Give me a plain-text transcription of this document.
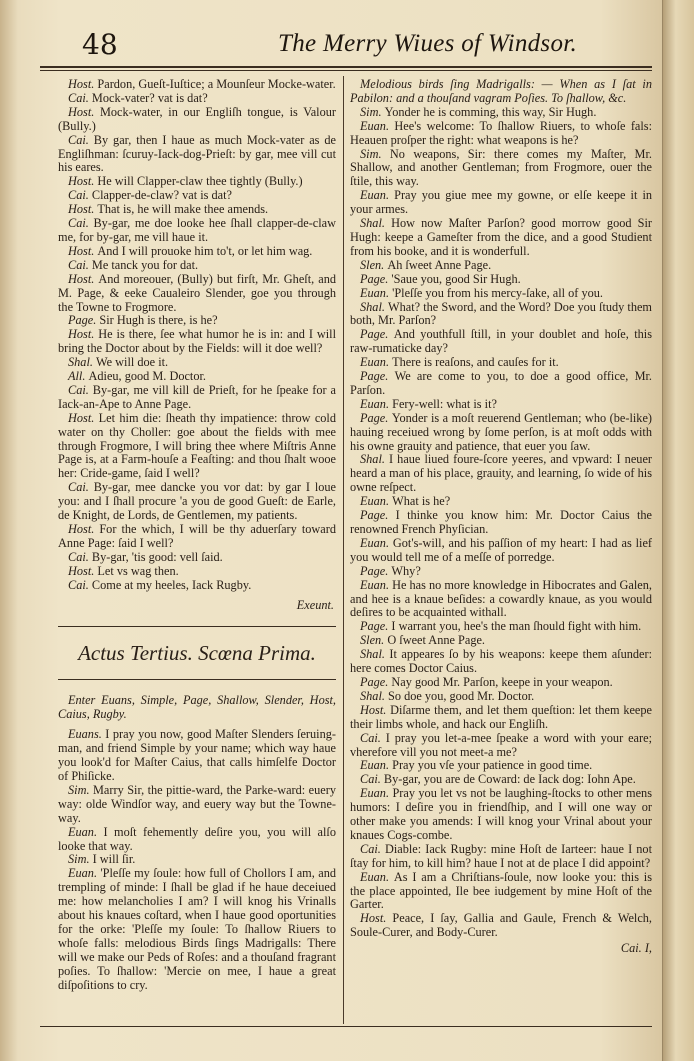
48	The Merry Wiues of Windsor.

Host. Pardon, Gueſt-Iuſtice; a Mounſeur Mocke-water.

Cai. Mock-vater? vat is dat?

Host. Mock-water, in our Engliſh tongue, is Valour (Bully.)

Cai. By gar, then I haue as much Mock-vater as de Engliſhman: ſcuruy-Iack-dog-Prieſt: by gar, mee vill cut his eares.

Host. He will Clapper-claw thee tightly (Bully.)

Cai. Clapper-de-claw? vat is dat?

Host. That is, he will make thee amends.

Cai. By-gar, me doe looke hee ſhall clapper-de-claw me, for by-gar, me vill haue it.

Host. And I will prouoke him to't, or let him wag.

Cai. Me tanck you for dat.

Host. And moreouer, (Bully) but firſt, Mr. Gheſt, and M. Page, & eeke Caualeiro Slender, goe you through the Towne to Frogmore.

Page. Sir Hugh is there, is he?

Host. He is there, ſee what humor he is in: and I will bring the Doctor about by the Fields: will it doe well?

Shal. We will doe it.

All. Adieu, good M. Doctor.

Cai. By-gar, me vill kill de Prieſt, for he ſpeake for a Iack-an-Ape to Anne Page.

Host. Let him die: ſheath thy impatience: throw cold water on thy Choller: goe about the fields with mee through Frogmore, I will bring thee where Miſtris Anne Page is, at a Farm-houſe a Feaſting: and thou ſhalt wooe her: Cride-game, ſaid I well?

Cai. By-gar, mee dancke you vor dat: by gar I loue you: and I ſhall procure 'a you de good Gueſt: de Earle, de Knight, de Lords, de Gentlemen, my patients.

Host. For the which, I will be thy aduerſary toward Anne Page: ſaid I well?

Cai. By-gar, 'tis good: vell ſaid.

Host. Let vs wag then.

Cai. Come at my heeles, Iack Rugby.

Exeunt.

Actus Tertius. Scœna Prima.

Enter Euans, Simple, Page, Shallow, Slender, Host, Caius, Rugby.

Euans. I pray you now, good Maſter Slenders ſeruing-man, and friend Simple by your name; which way haue you look'd for Maſter Caius, that calls himſelfe Doctor of Phiſicke.

Sim. Marry Sir, the pittie-ward, the Parke-ward: euery way: olde Windſor way, and euery way but the Towne-way.

Euan. I moſt fehemently deſire you, you will alſo looke that way.

Sim. I will ſir.

Euan. 'Pleſſe my ſoule: how full of Chollors I am, and trempling of minde: I ſhall be glad if he haue deceiued me: how melancholies I am? I will knog his Vrinalls about his knaues coſtard, when I haue good oportunities for the orke: 'Pleſſe my ſoule: To ſhallow Riuers to whoſe falls: melodious Birds ſings Madrigalls: There will we make our Peds of Roſes: and a thouſand fragrant poſies. To ſhallow: 'Mercie on mee, I haue a great diſpoſitions to cry.

Melodious birds ſing Madrigalls: — When as I ſat in Pabilon: and a thouſand vagram Poſies. To ſhallow, &c.

Sim. Yonder he is comming, this way, Sir Hugh.

Euan. Hee's welcome: To ſhallow Riuers, to whoſe fals: Heauen proſper the right: what weapons is he?

Sim. No weapons, Sir: there comes my Maſter, Mr. Shallow, and another Gentleman; from Frogmore, ouer the ſtile, this way.

Euan. Pray you giue mee my gowne, or elſe keepe it in your armes.

Shal. How now Maſter Parſon? good morrow good Sir Hugh: keepe a Gameſter from the dice, and a good Studient from his booke, and it is wonderfull.

Slen. Ah ſweet Anne Page.

Page. 'Saue you, good Sir Hugh.

Euan. 'Pleſſe you from his mercy-ſake, all of you.

Shal. What? the Sword, and the Word? Doe you ſtudy them both, Mr. Parſon?

Page. And youthfull ſtill, in your doublet and hoſe, this raw-rumaticke day?

Euan. There is reaſons, and cauſes for it.

Page. We are come to you, to doe a good office, Mr. Parſon.

Euan. Fery-well: what is it?

Page. Yonder is a moſt reuerend Gentleman; who (be-like) hauing receiued wrong by ſome perſon, is at moſt odds with his owne grauity and patience, that euer you ſaw.

Shal. I haue liued foure-ſcore yeeres, and vpward: I neuer heard a man of his place, grauity, and learning, ſo wide of his owne reſpect.

Euan. What is he?

Page. I thinke you know him: Mr. Doctor Caius the renowned French Phyſician.

Euan. Got's-will, and his paſſion of my heart: I had as lief you would tell me of a meſſe of porredge.

Page. Why?

Euan. He has no more knowledge in Hibocrates and Galen, and hee is a knaue beſides: a cowardly knaue, as you would deſires to be acquainted withall.

Page. I warrant you, hee's the man ſhould fight with him.

Slen. O ſweet Anne Page.

Shal. It appeares ſo by his weapons: keepe them aſunder: here comes Doctor Caius.

Page. Nay good Mr. Parſon, keepe in your weapon.

Shal. So doe you, good Mr. Doctor.

Host. Diſarme them, and let them queſtion: let them keepe their limbs whole, and hack our Engliſh.

Cai. I pray you let-a-mee ſpeake a word with your eare; vherefore vill you not meet-a me?

Euan. Pray you vſe your patience in good time.

Cai. By-gar, you are de Coward: de Iack dog: Iohn Ape.

Euan. Pray you let vs not be laughing-ſtocks to other mens humors: I deſire you in friendſhip, and I will one way or other make you amends: I will knog your Vrinal about your knaues Cogs-combe.

Cai. Diable: Iack Rugby: mine Hoſt de Iarteer: haue I not ſtay for him, to kill him? haue I not at de place I did appoint?

Euan. As I am a Chriſtians-ſoule, now looke you: this is the place appointed, Ile bee iudgement by mine Hoſt of the Garter.

Host. Peace, I ſay, Gallia and Gaule, French & Welch, Soule-Curer, and Body-Curer.

Cai. I,
